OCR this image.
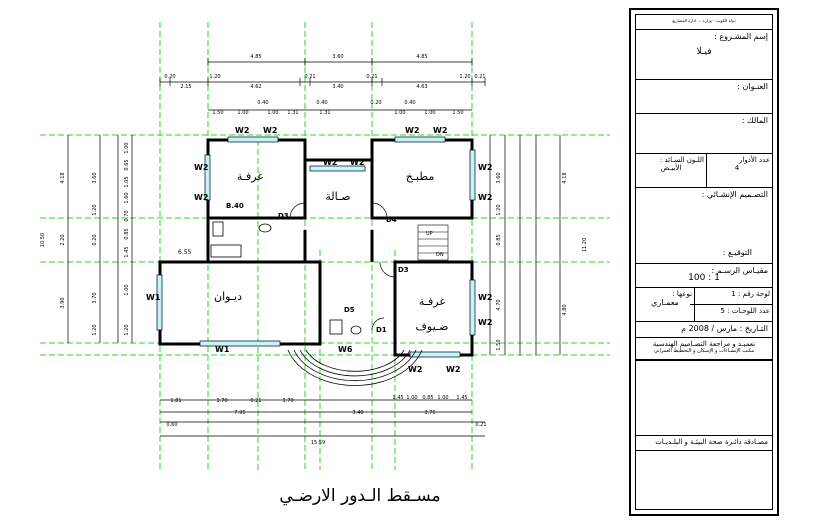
غرفـة
صـالة
مطبـخ
ديـوان	غرفـة
ضـيوف
W2 W2	W2 W2
W2 W2
W2
W2
W2
W2
W1
W1	W6
W2
W2
W2	W2
D3	D4
D3
D5
D1
B.40
6.55
4.85	3.60	4.85
0.20
2.15
1.20
4.62
0.21
3.40
0.21
4.63
1.20 0.21
0.40	0.40	0.20	0.40
1.50	1.00	1.00 1.31	1.31	1.00	1.00	1.50
1.81	3.70	0.21	3.70	1.45 1.00 0.85 1.00 1.45
7.95	3.40	3.75
0.60	0.21
15.59
4.18
10.50	2.20
3.90
3.60
1.20
0.20
3.70
1.20
1.00
0.65
1.05
1.60
0.70
0.85
1.45
1.00
1.20
4.18
11.20
4.80
3.60
1.20
0.85
4.70
1.50
UP
DN
مسـقط الـدور الارضـي
دولة الكويت - وزارة ... ادارة المشاريع
إسم المشـروع :
فيـلا
العنـوان :
المالك :
عدد الأدوار
4
اللـون السـائد :
الأبيـض
التصـميم الإنشـائي :
التوقيـع :
مقيـاس الرسـم :
1 : 100
لوحة رقم : 1
عدد اللوحـات : 5
نوعها :
معمـاري
التـاريخ : مارس / 2008 م
تعميـد و مراجعة التصـاميم الهندسية
مكتب الإنشـاءات و الإسكان و التخطيط العمراني
مصـادقة دائـرة صحة البيئـة و البلـديـات
